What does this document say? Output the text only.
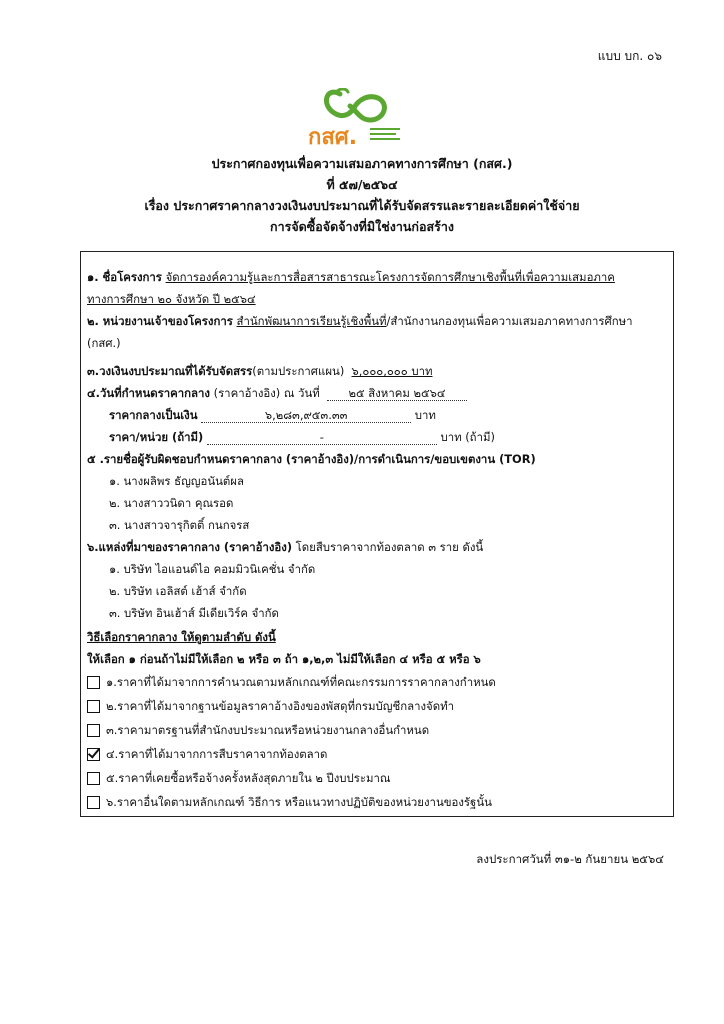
แบบ บก. ๐๖
กสศ.
ประกาศกองทุนเพื่อความเสมอภาคทางการศึกษา (กสศ.)
ที่ ๕๗/๒๕๖๔
เรื่อง ประกาศราคากลางวงเงินงบประมาณที่ได้รับจัดสรรและรายละเอียดค่าใช้จ่าย
การจัดซื้อจัดจ้างที่มิใช่งานก่อสร้าง
๑. ชื่อโครงการ จัดการองค์ความรู้และการสื่อสารสาธารณะโครงการจัดการศึกษาเชิงพื้นที่เพื่อความเสมอภาคทางการศึกษา ๒๐ จังหวัด ปี ๒๕๖๔
๒. หน่วยงานเจ้าของโครงการ สำนักพัฒนาการเรียนรู้เชิงพื้นที่/สำนักงานกองทุนเพื่อความเสมอภาคทางการศึกษา (กสศ.)
๓.วงเงินงบประมาณที่ได้รับจัดสรร(ตามประกาศแผน) ๖,๐๐๐,๐๐๐ บาท
๔.วันที่กำหนดราคากลาง (ราคาอ้างอิง) ณ วันที่	๒๕ สิงหาคม ๒๕๖๔
ราคากลางเป็นเงิน	๖,๒๘๓,๙๕๓.๓๓	บาท
ราคา/หน่วย (ถ้ามี)	-	บาท (ถ้ามี)
๕ .รายชื่อผู้รับผิดชอบกำหนดราคากลาง (ราคาอ้างอิง)/การดำเนินการ/ขอบเขตงาน (TOR)
๑. นางผลิพร ธัญญอนันต์ผล
๒. นางสาววนิดา คุณรอด
๓. นางสาวจารุกิตติ์ กนกจรส
๖.แหล่งที่มาของราคากลาง (ราคาอ้างอิง) โดยสืบราคาจากท้องตลาด ๓ ราย ดังนี้
๑. บริษัท ไอแอนด์ไอ คอมมิวนิเคชั่น จำกัด
๒. บริษัท เอลิสต์ เฮ้าส์ จำกัด
๓. บริษัท อินเฮ้าส์ มีเดียเวิร์ค จำกัด
วิธีเลือกราคากลาง ให้ดูตามลำดับ ดังนี้
ให้เลือก ๑ ก่อนถ้าไม่มีให้เลือก ๒ หรือ ๓ ถ้า ๑,๒,๓ ไม่มีให้เลือก ๔ หรือ ๕ หรือ ๖
๑.ราคาที่ได้มาจากการคำนวณตามหลักเกณฑ์ที่คณะกรรมการราคากลางกำหนด
๒.ราคาที่ได้มาจากฐานข้อมูลราคาอ้างอิงของพัสดุที่กรมบัญชีกลางจัดทำ
๓.ราคามาตรฐานที่สำนักงบประมาณหรือหน่วยงานกลางอื่นกำหนด
๔.ราคาที่ได้มาจากการสืบราคาจากท้องตลาด
๕.ราคาที่เคยซื้อหรือจ้างครั้งหลังสุดภายใน ๒ ปีงบประมาณ
๖.ราคาอื่นใดตามหลักเกณฑ์ วิธีการ หรือแนวทางปฏิบัติของหน่วยงานของรัฐนั้น
ลงประกาศวันที่ ๓๑-๒ กันยายน ๒๕๖๔
